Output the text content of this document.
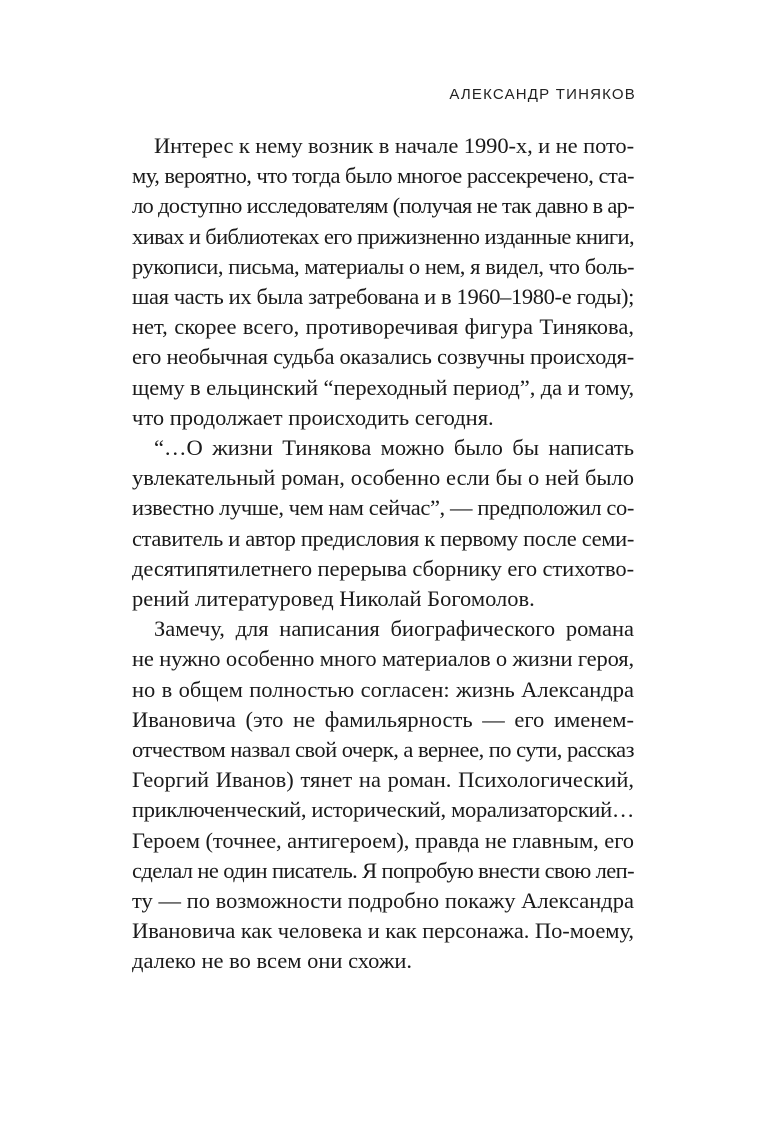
АЛЕКСАНДР ТИНЯКОВ
Интерес к нему возник в начале 1990-х, и не пото-
му, вероятно, что тогда было многое рассекречено, ста-
ло доступно исследователям (получая не так давно в ар-
хивах и библиотеках его прижизненно изданные книги,
рукописи, письма, материалы о нем, я видел, что боль-
шая часть их была затребована и в 1960–1980-е годы);
нет, скорее всего, противоречивая фигура Тинякова,
его необычная судьба оказались созвучны происходя-
щему в ельцинский “переходный период”, да и тому,
что продолжает происходить сегодня.
“…О жизни Тинякова можно было бы написать
увлекательный роман, особенно если бы о ней было
известно лучше, чем нам сейчас”, — предположил со-
ставитель и автор предисловия к первому после семи-
десятипятилетнего перерыва сборнику его стихотво-
рений литературовед Николай Богомолов.
Замечу, для написания биографического романа
не нужно особенно много материалов о жизни героя,
но в общем полностью согласен: жизнь Александра
Ивановича (это не фамильярность — его именем-
отчеством назвал свой очерк, а вернее, по сути, рассказ
Георгий Иванов) тянет на роман. Психологический,
приключенческий, исторический, морализаторский…
Героем (точнее, антигероем), правда не главным, его
сделал не один писатель. Я попробую внести свою леп-
ту — по возможности подробно покажу Александра
Ивановича как человека и как персонажа. По-моему,
далеко не во всем они схожи.
